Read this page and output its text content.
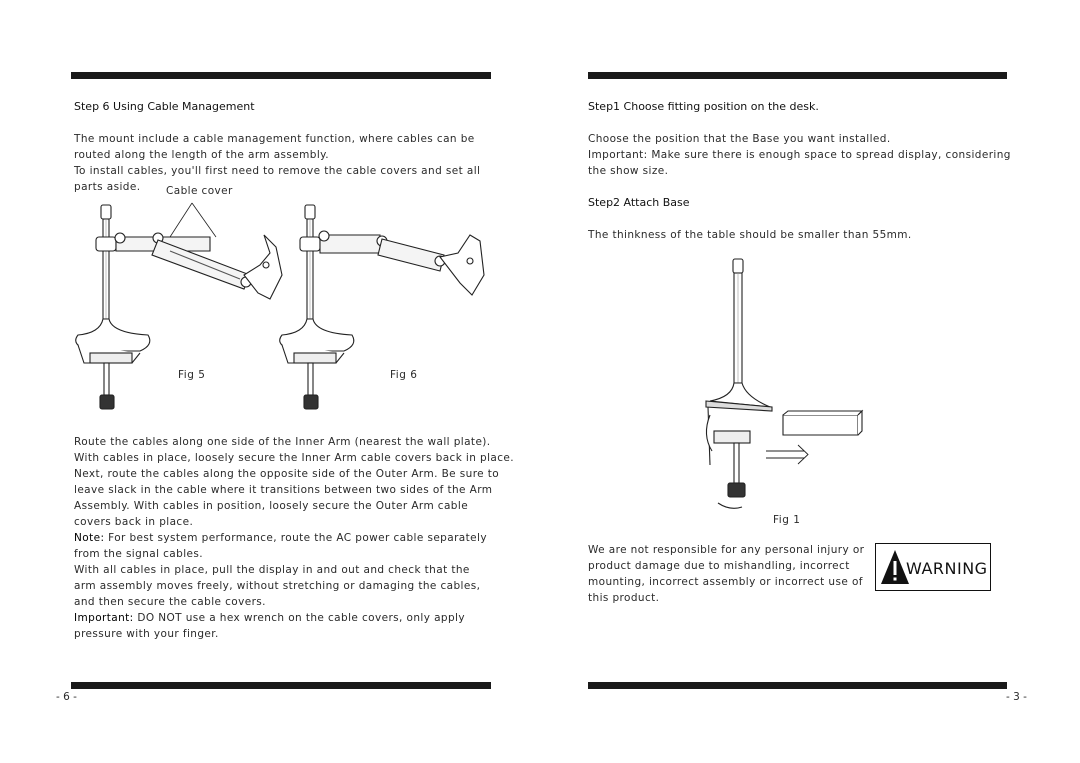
Step 6 Using Cable Management

The mount include a cable management function, where cables can be

routed along the length of the arm assembly.

To install cables, you'll first need to remove the cable covers and set all

parts aside. Cable cover

Fig 5	Fig 6

Route the cables along one side of the Inner Arm (nearest the wall plate).

With cables in place, loosely secure the Inner Arm cable covers back in place.

Next, route the cables along the opposite side of the Outer Arm. Be sure to

leave slack in the cable where it transitions between two sides of the Arm

Assembly. With cables in position, loosely secure the Outer Arm cable

covers back in place.

Note: For best system performance, route the AC power cable separately

from the signal cables.

With all cables in place, pull the display in and out and check that the

arm assembly moves freely, without stretching or damaging the cables,

and then secure the cable covers.

Important: DO NOT use a hex wrench on the cable covers, only apply

pressure with your finger.

- 6 -

Step1 Choose fitting position on the desk.

Choose the position that the Base you want installed.

Important: Make sure there is enough space to spread display, considering

the show size.

Step2 Attach Base

The thinkness of the table should be smaller than 55mm.

Fig 1

We are not responsible for any personal injury or

product damage due to mishandling, incorrect

mounting, incorrect assembly or incorrect use of

this product.

WARNING
- 3 -
